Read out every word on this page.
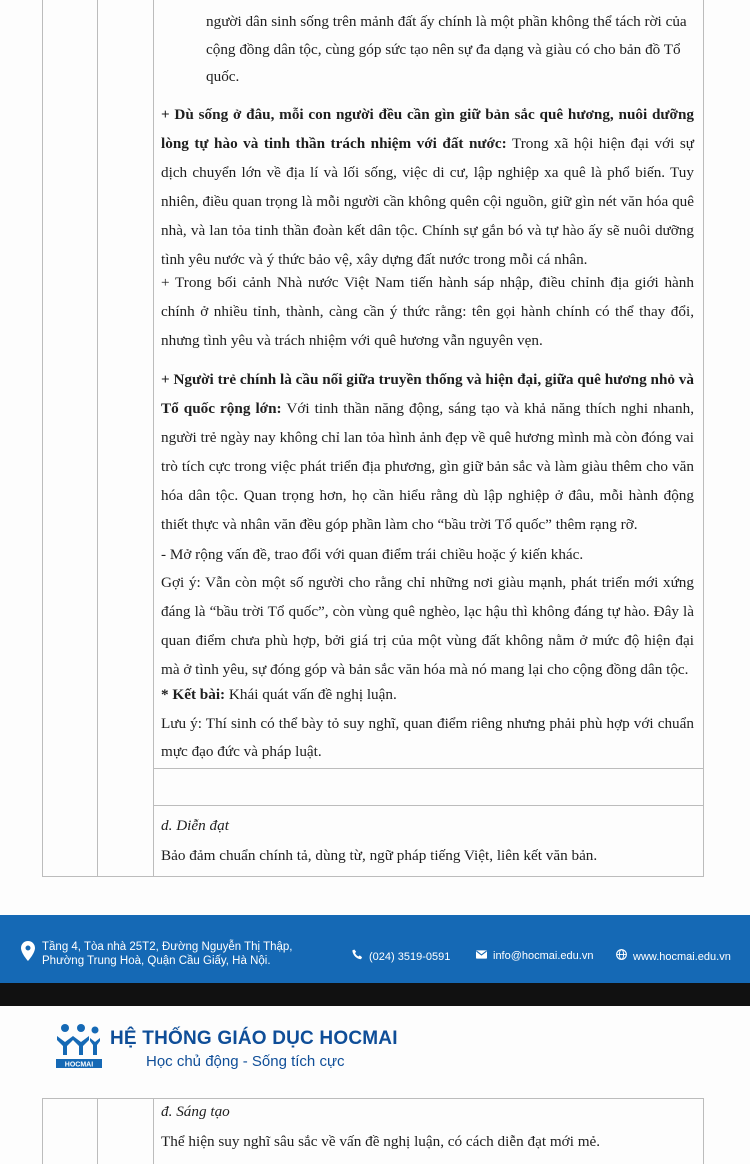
người dân sinh sống trên mảnh đất ấy chính là một phần không thể tách rời của
cộng đồng dân tộc, cùng góp sức tạo nên sự đa dạng và giàu có cho bản đồ Tổ
quốc.

+ Dù sống ở đâu, mỗi con người đều cần gìn giữ bản sắc quê hương, nuôi dưỡng lòng tự hào và tinh thần trách nhiệm với đất nước: Trong xã hội hiện đại với sự dịch chuyển lớn về địa lí và lối sống, việc di cư, lập nghiệp xa quê là phổ biến. Tuy nhiên, điều quan trọng là mỗi người cần không quên cội nguồn, giữ gìn nét văn hóa quê nhà, và lan tỏa tinh thần đoàn kết dân tộc. Chính sự gắn bó và tự hào ấy sẽ nuôi dưỡng tình yêu nước và ý thức bảo vệ, xây dựng đất nước trong mỗi cá nhân.

+ Trong bối cảnh Nhà nước Việt Nam tiến hành sáp nhập, điều chỉnh địa giới hành chính ở nhiều tỉnh, thành, càng cần ý thức rằng: tên gọi hành chính có thể thay đổi, nhưng tình yêu và trách nhiệm với quê hương vẫn nguyên vẹn.

+ Người trẻ chính là cầu nối giữa truyền thống và hiện đại, giữa quê hương nhỏ và Tổ quốc rộng lớn: Với tinh thần năng động, sáng tạo và khả năng thích nghi nhanh, người trẻ ngày nay không chỉ lan tỏa hình ảnh đẹp về quê hương mình mà còn đóng vai trò tích cực trong việc phát triển địa phương, gìn giữ bản sắc và làm giàu thêm cho văn hóa dân tộc. Quan trọng hơn, họ cần hiểu rằng dù lập nghiệp ở đâu, mỗi hành động thiết thực và nhân văn đều góp phần làm cho “bầu trời Tổ quốc” thêm rạng rỡ.

- Mở rộng vấn đề, trao đổi với quan điểm trái chiều hoặc ý kiến khác.

Gợi ý: Vẫn còn một số người cho rằng chỉ những nơi giàu mạnh, phát triển mới xứng đáng là “bầu trời Tổ quốc”, còn vùng quê nghèo, lạc hậu thì không đáng tự hào. Đây là quan điểm chưa phù hợp, bởi giá trị của một vùng đất không nằm ở mức độ hiện đại mà ở tình yêu, sự đóng góp và bản sắc văn hóa mà nó mang lại cho cộng đồng dân tộc.

* Kết bài: Khái quát vấn đề nghị luận.

Lưu ý: Thí sinh có thể bày tỏ suy nghĩ, quan điểm riêng nhưng phải phù hợp với chuẩn mực đạo đức và pháp luật.

d. Diễn đạt

Bảo đảm chuẩn chính tả, dùng từ, ngữ pháp tiếng Việt, liên kết văn bản.

Tầng 4, Tòa nhà 25T2, Đường Nguyễn Thị Thập,
Phường Trung Hoà, Quận Cầu Giấy, Hà Nội.	(024) 3519-0591	info@hocmai.edu.vn	www.hocmai.edu.vn

đ. Sáng tạo

Thể hiện suy nghĩ sâu sắc về vấn đề nghị luận, có cách diễn đạt mới mẻ.

HOCMAI
HỆ THỐNG GIÁO DỤC HOCMAI
Học chủ động - Sống tích cực
